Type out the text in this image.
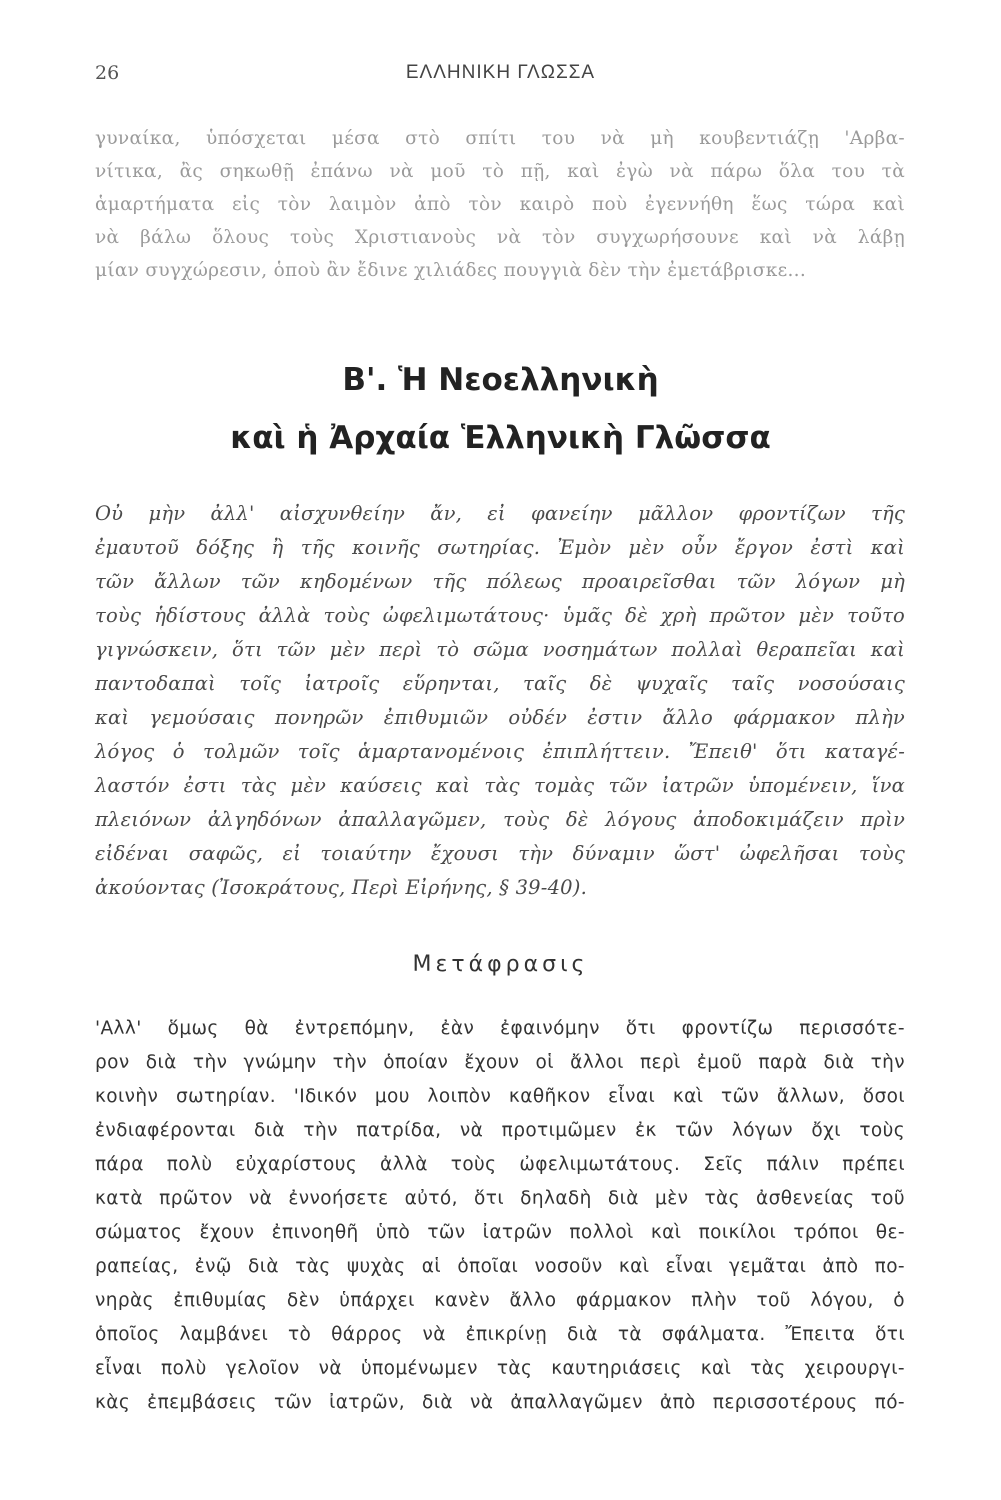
26	ΕΛΛΗΝΙΚΗ ΓΛΩΣΣΑ
γυναίκα, ὑπόσχεται μέσα στὸ σπίτι του νὰ μὴ κουβεντιάζῃ 'Αρβα-
νίτικα, ἂς σηκωθῇ ἐπάνω νὰ μοῦ τὸ πῇ, καὶ ἐγὼ νὰ πάρω ὅλα του τὰ
ἁμαρτήματα εἰς τὸν λαιμὸν ἀπὸ τὸν καιρὸ ποὺ ἐγεννήθη ἕως τώρα καὶ
νὰ βάλω ὅλους τοὺς Χριστιανοὺς νὰ τὸν συγχωρήσουνε καὶ νὰ λάβῃ
μίαν συγχώρεσιν, ὁποὺ ἂν ἔδινε χιλιάδες πουγγιὰ δὲν τὴν ἐμετάβρισκε...
Β'. Ἡ Νεοελληνικὴ
καὶ ἡ Ἀρχαία Ἑλληνικὴ Γλῶσσα
Οὐ μὴν ἀλλ' αἰσχυνθείην ἄν, εἰ φανείην μᾶλλον φροντίζων τῆς
ἐμαυτοῦ δόξης ἢ τῆς κοινῆς σωτηρίας. Ἐμὸν μὲν οὖν ἔργον ἐστὶ καὶ
τῶν ἄλλων τῶν κηδομένων τῆς πόλεως προαιρεῖσθαι τῶν λόγων μὴ
τοὺς ἡδίστους ἀλλὰ τοὺς ὠφελιμωτάτους· ὑμᾶς δὲ χρὴ πρῶτον μὲν τοῦτο
γιγνώσκειν, ὅτι τῶν μὲν περὶ τὸ σῶμα νοσημάτων πολλαὶ θεραπεῖαι καὶ
παντοδαπαὶ τοῖς ἰατροῖς εὕρηνται, ταῖς δὲ ψυχαῖς ταῖς νοσούσαις
καὶ γεμούσαις πονηρῶν ἐπιθυμιῶν οὐδέν ἐστιν ἄλλο φάρμακον πλὴν
λόγος ὁ τολμῶν τοῖς ἁμαρτανομένοις ἐπιπλήττειν. Ἔπειθ' ὅτι καταγέ-
λαστόν ἐστι τὰς μὲν καύσεις καὶ τὰς τομὰς τῶν ἰατρῶν ὑπομένειν, ἵνα
πλειόνων ἀλγηδόνων ἀπαλλαγῶμεν, τοὺς δὲ λόγους ἀποδοκιμάζειν πρὶν
εἰδέναι σαφῶς, εἰ τοιαύτην ἔχουσι τὴν δύναμιν ὥστ' ὠφελῆσαι τοὺς
ἀκούοντας (Ἰσοκράτους, Περὶ Εἰρήνης, § 39-40).
Μετάφρασις
'Αλλ' ὅμως θὰ ἐντρεπόμην, ἐὰν ἐφαινόμην ὅτι φροντίζω περισσότε-
ρον διὰ τὴν γνώμην τὴν ὁποίαν ἔχουν οἱ ἄλλοι περὶ ἐμοῦ παρὰ διὰ τὴν
κοινὴν σωτηρίαν. 'Ιδικόν μου λοιπὸν καθῆκον εἶναι καὶ τῶν ἄλλων, ὅσοι
ἐνδιαφέρονται διὰ τὴν πατρίδα, νὰ προτιμῶμεν ἐκ τῶν λόγων ὄχι τοὺς
πάρα πολὺ εὐχαρίστους ἀλλὰ τοὺς ὠφελιμωτάτους. Σεῖς πάλιν πρέπει
κατὰ πρῶτον νὰ ἐννοήσετε αὐτό, ὅτι δηλαδὴ διὰ μὲν τὰς ἀσθενείας τοῦ
σώματος ἔχουν ἐπινοηθῆ ὑπὸ τῶν ἰατρῶν πολλοὶ καὶ ποικίλοι τρόποι θε-
ραπείας, ἐνῷ διὰ τὰς ψυχὰς αἱ ὁποῖαι νοσοῦν καὶ εἶναι γεμᾶται ἀπὸ πο-
νηρὰς ἐπιθυμίας δὲν ὑπάρχει κανὲν ἄλλο φάρμακον πλὴν τοῦ λόγου, ὁ
ὁποῖος λαμβάνει τὸ θάρρος νὰ ἐπικρίνῃ διὰ τὰ σφάλματα. Ἔπειτα ὅτι
εἶναι πολὺ γελοῖον νὰ ὑπομένωμεν τὰς καυτηριάσεις καὶ τὰς χειρουργι-
κὰς ἐπεμβάσεις τῶν ἰατρῶν, διὰ νὰ ἀπαλλαγῶμεν ἀπὸ περισσοτέρους πό-
